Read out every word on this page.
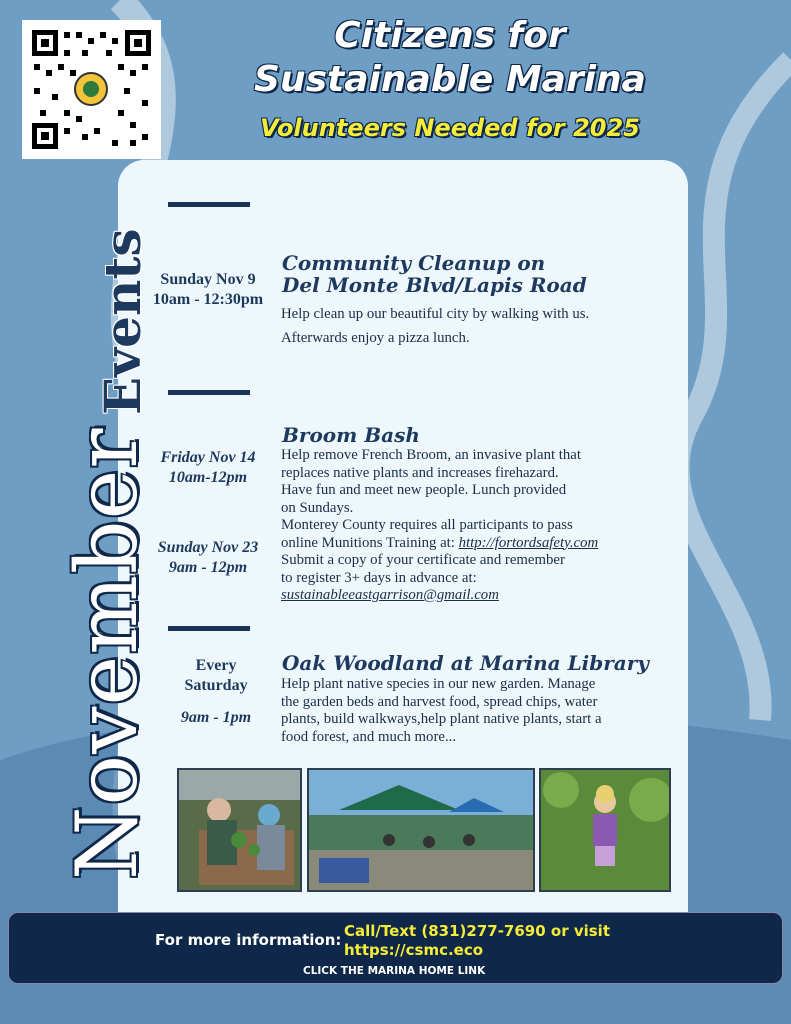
Citizens for
Sustainable Marina
Volunteers Needed for 2025
November
Events Sunday Nov 9
10am - 12:30pm
Community Cleanup on
Del Monte Blvd/Lapis Road
Help clean up our beautiful city by walking with us.
Afterwards enjoy a pizza lunch.
Friday Nov 14
10am-12pm
Sunday Nov 23
9am - 12pm
Broom Bash
Help remove French Broom, an invasive plant that
replaces native plants and increases firehazard.
Have fun and meet new people. Lunch provided
on Sundays.
Monterey County requires all participants to pass
online Munitions Training at: http://fortordsafety.com
Submit a copy of your certificate and remember
to register 3+ days in advance at:
sustainableeastgarrison@gmail.com
Every
Saturday
9am - 1pm
Oak Woodland at Marina Library
Help plant native species in our new garden. Manage
the garden beds and harvest food, spread chips, water
plants, build walkways,help plant native plants, start a
food forest, and much more...
For more information: Call/Text (831)277-7690 or visit
https://csmc.eco
CLICK THE MARINA HOME LINK
